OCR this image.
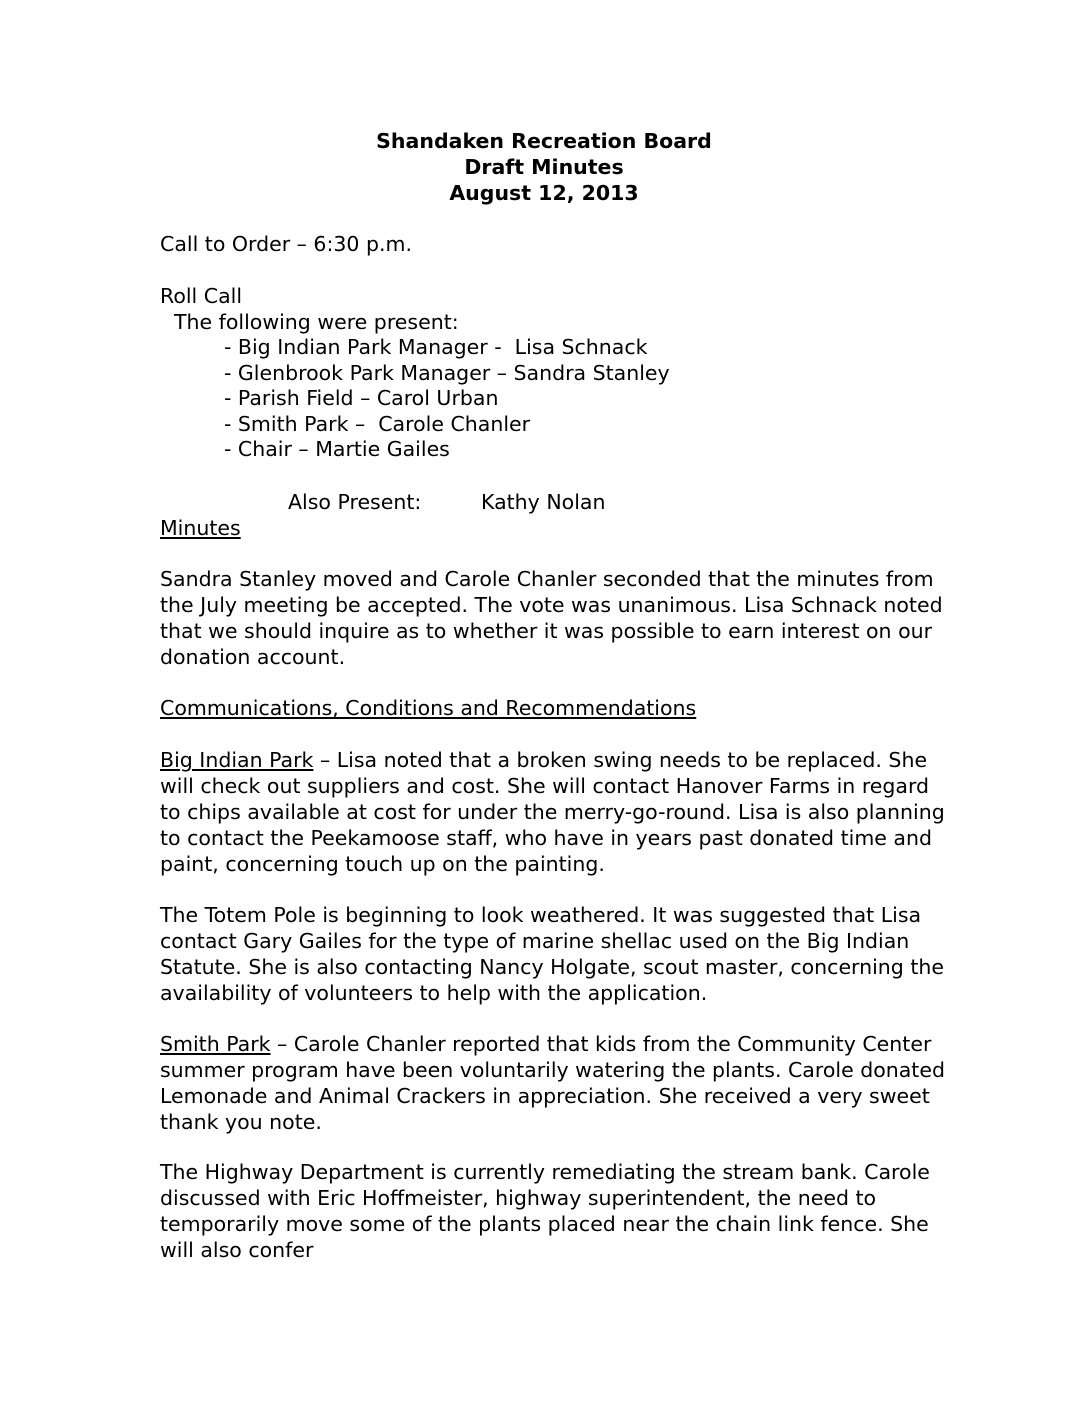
Shandaken Recreation Board
Draft Minutes
August 12, 2013
Call to Order – 6:30 p.m.
Roll Call
The following were present:
- Big Indian Park Manager -  Lisa Schnack
- Glenbrook Park Manager – Sandra Stanley
- Parish Field – Carol Urban
- Smith Park –  Carole Chanler
- Chair – Martie Gailes
Also Present:	Kathy Nolan
Minutes

Sandra Stanley moved and Carole Chanler seconded that the minutes from the July meeting be accepted. The vote was unanimous. Lisa Schnack noted that we should inquire as to whether it was possible to earn interest on our donation account.

Communications, Conditions and Recommendations

Big Indian Park – Lisa noted that a broken swing needs to be replaced. She will check out suppliers and cost. She will contact Hanover Farms in regard to chips available at cost for under the merry-go-round. Lisa is also planning to contact the Peekamoose staff, who have in years past donated time and paint, concerning touch up on the painting.

The Totem Pole is beginning to look weathered. It was suggested that Lisa contact Gary Gailes for the type of marine shellac used on the Big Indian Statute. She is also contacting Nancy Holgate, scout master, concerning the availability of volunteers to help with the application.

Smith Park – Carole Chanler reported that kids from the Community Center summer program have been voluntarily watering the plants. Carole donated Lemonade and Animal Crackers in appreciation. She received a very sweet thank you note.

The Highway Department is currently remediating the stream bank. Carole discussed with Eric Hoffmeister, highway superintendent, the need to temporarily move some of the plants placed near the chain link fence. She will also confer
